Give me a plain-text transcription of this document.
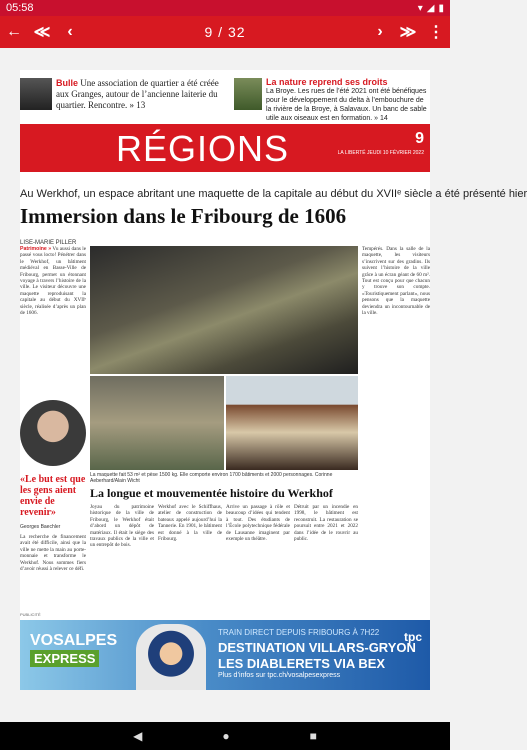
05:58	▾ ◢ ▮
← ≪ ‹	9 / 32	› ≫ ⋮
Bulle Une association de quartier a été créée aux Granges, autour de l’ancienne laiterie du quartier. Rencontre. » 13
La nature reprend ses droits
La Broye. Les rues de l’été 2021 ont été bénéfiques pour le développement du delta à l’embouchure de la rivière de la Broye, à Salavaux. Un banc de sable utile aux oiseaux est en formation. » 14
RÉGIONS	9
LA LIBERTÉ JEUDI 10 FÉVRIER 2022
Au Werkhof, un espace abritant une maquette de la capitale au début du XVIIᵉ siècle a été présenté hier
Immersion dans le Fribourg de 1606
LISE-MARIE PILLER
Patrimoine » Vu aussi dans le passé vous locto! Pénétrer dans le Werkhof, un bâtiment médiéval en Basse-Ville de Fribourg, permet un étonnant voyage à travers l’histoire de la ville. Le visiteur découvre une maquette reproduisant la capitale au début du XVIIᵉ siècle, réalisée d’après un plan de 1606.
«Le but est que les gens aient envie de revenir»
Georges Baechler
La recherche de financement avait été difficile, ainsi que la ville ne mette la main au porte-monnaie et transforme le Werkhof. Nous sommes fiers d’avoir réussi à relever ce défi.
La maquette fait 53 m² et pèse 1500 kg. Elle comporte environ 1700 bâtiments et 2000 personnages. Corinne Aeberhard/Alain Wicht
Tempérés. Dans la salle de la maquette, les visiteurs s’inscrivent sur des gradins. Ils suivent l’histoire de la ville grâce à un écran géant de 60 m². Tout est conçu pour que chacun y trouve son compte. «Touristiquement parlant», nous pensons que la maquette deviendra un incontournable de la ville.
La longue et mouvementée histoire du Werkhof
Joyau du patrimoine historique de la ville de Fribourg, le Werkhof était d’abord un dépôt de matériaux. Il était le siège des travaux publics de la ville et un entrepôt de bois.
Werkhof avec le Schiffhaus, atelier de construction de bateaux appelé aujourd’hui la Tannerie. En 1901, le bâtiment est donné à la ville de Fribourg.
Arrive un passage à rôle et beaucoup d’idées qui tendent à tout. Des étudiants de l’École polytechnique fédérale de Lausanne imaginent par exemple un théâtre.
Détruit par un incendie en 1998, le bâtiment est reconstruit. La restauration se poursuit entre 2021 et 2022 dans l’idée de le rouvrir au public.
PUBLICITÉ
VOSALPES
EXPRESS
TRAIN DIRECT DEPUIS FRIBOURG À 7H22
DESTINATION VILLARS-GRYON
LES DIABLERETS VIA BEX
Plus d’infos sur tpc.ch/vosalpesexpress
tpc
◀	●	■
